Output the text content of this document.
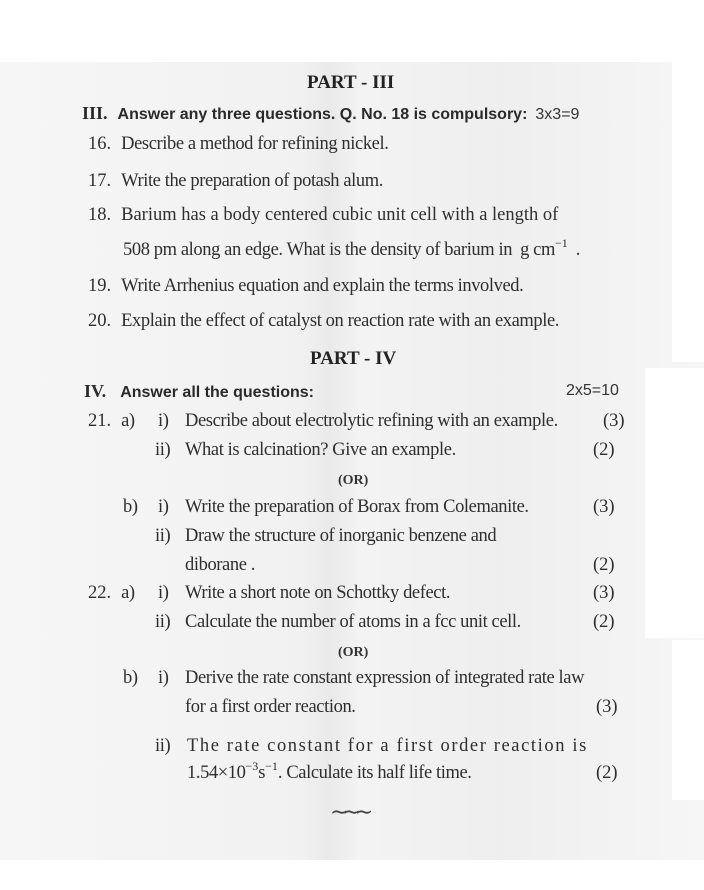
PART - III
III. Answer any three questions. Q. No. 18 is compulsory: 3x3=9
16. Describe a method for refining nickel.
17. Write the preparation of potash alum.
18. Barium has a body centered cubic unit cell with a length of
508 pm along an edge. What is the density of barium in g $cm^{-1}$ .
19. Write Arrhenius equation and explain the terms involved.
20. Explain the effect of catalyst on reaction rate with an example.
PART - IV
IV. Answer all the questions:	2x5=10
21. a) i) Describe about electrolytic refining with an example. (3)
ii) What is calcination? Give an example.	(2)
(OR)
b) i) Write the preparation of Borax from Colemanite.	(3)
ii) Draw the structure of inorganic benzene and
diborane .	(2)
22. a) i) Write a short note on Schottky defect.	(3)
ii) Calculate the number of atoms in a fcc unit cell.	(2)
(OR)
b) i) Derive the rate constant expression of integrated rate law
for a first order reaction.	(3)
ii) The rate constant for a first order reaction is
$1.54\times 10^{-3}s^{-1}$. Calculate its half life time.	(2)
∼∼∼
